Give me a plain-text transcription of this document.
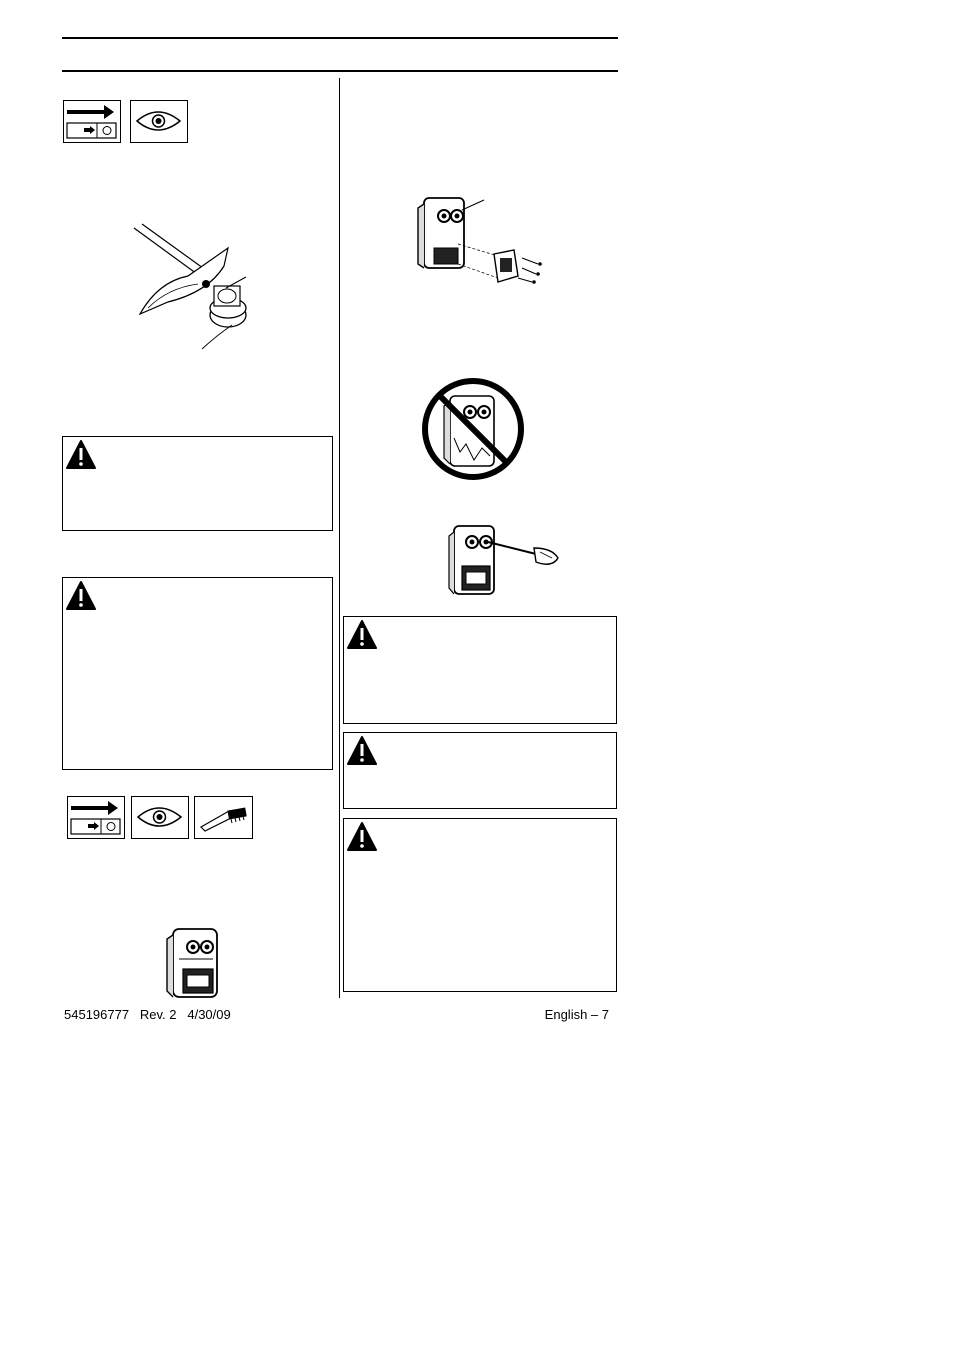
545196777   Rev. 2   4/30/09	English – 7
